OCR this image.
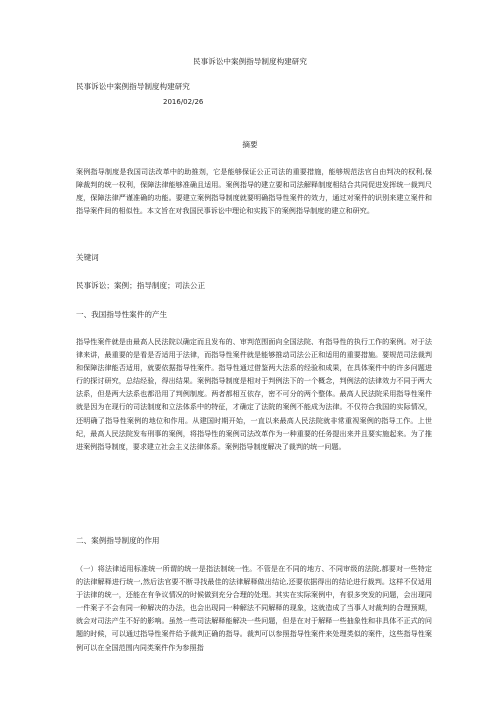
民事诉讼中案例指导制度构建研究
民事诉讼中案例指导制度构建研究
2016/02/26
摘要
案例指导制度是我国司法改革中的助推剂，它是能够保证公正司法的重要措施，能够规范法官自由判决的权利,保障裁判的统一权利，保障法律能够准确且适用。案例指导的建立要和司法解释制度相结合共同促进发挥统一裁判尺度，保障法律严谨准确的功能。要建立案例指导制度就要明确指导性案件的效力，通过对案件的识别来建立案件和指导案件间的相似性。本文旨在对我国民事诉讼中理论和实践下的案例指导制度的建立和研究。
关键词
民事诉讼；案例；指导制度；司法公正
一、我国指导性案件的产生
指导性案件就是由最高人民法院以确定而且发布的、审判范围面向全国法院、有指导性的执行工作的案例。对于法律来讲，最重要的是看是否适用于法律，而指导性案件就是能够推动司法公正和适用的重要措施。要规范司法裁判和保障法律能否适用，就要依据指导性案件。指导性通过借鉴两大法系的经验和成果，在具体案件中的许多问题进行的探讨研究，总结经验，得出结果。案例指导制度是相对于判例法下的一个概念，判例法的法律效力不同于两大法系，但是两大法系也都沿用了判例制度。两者都相互依存，密不可分的两个整体。最高人民法院采用指导性案件就是因为在现行的司法制度和立法体系中的特征，才确定了法院的案例不能成为法律。不仅符合我国的实际情况，还明确了指导性案例的地位和作用。从建国时期开始，一直以来最高人民法院就非常重视案例的指导工作。上世纪，最高人民法院发布刑事的案例，将指导性的案例司法改革作为一种重要的任务提出来并且要实施起来。为了推进案例指导制度，要求建立社会主义法律体系。案例指导制度解决了裁判的统一问题。
二、案例指导制度的作用
（一）将法律适用标准统一所谓的统一是指法制统一性。不管是在不同的地方、不同审级的法院,都要对一些特定的法律解释进行统一,然后法官要不断寻找最佳的法律解释做出结论,还要依据得出的结论进行裁判。这样不仅适用于法律的统一，还能在有争议情况的时候做到充分合理的处理。其实在实际案例中，有很多突发的问题，会出现同一件案子不会有同一种解决的办法，也会出现同一种解法不同解释的现象，这就造成了当事人对裁判的合理预期，就会对司法产生不好的影响。虽然一些司法解释能解决一些问题，但是在对于解释一些抽象性和非具体不正式的问题的时候，可以通过指导性案件给予裁判正确的指导。裁判可以参照指导性案件来处理类似的案件，这些指导性案例可以在全国范围内同类案件作为参照指
